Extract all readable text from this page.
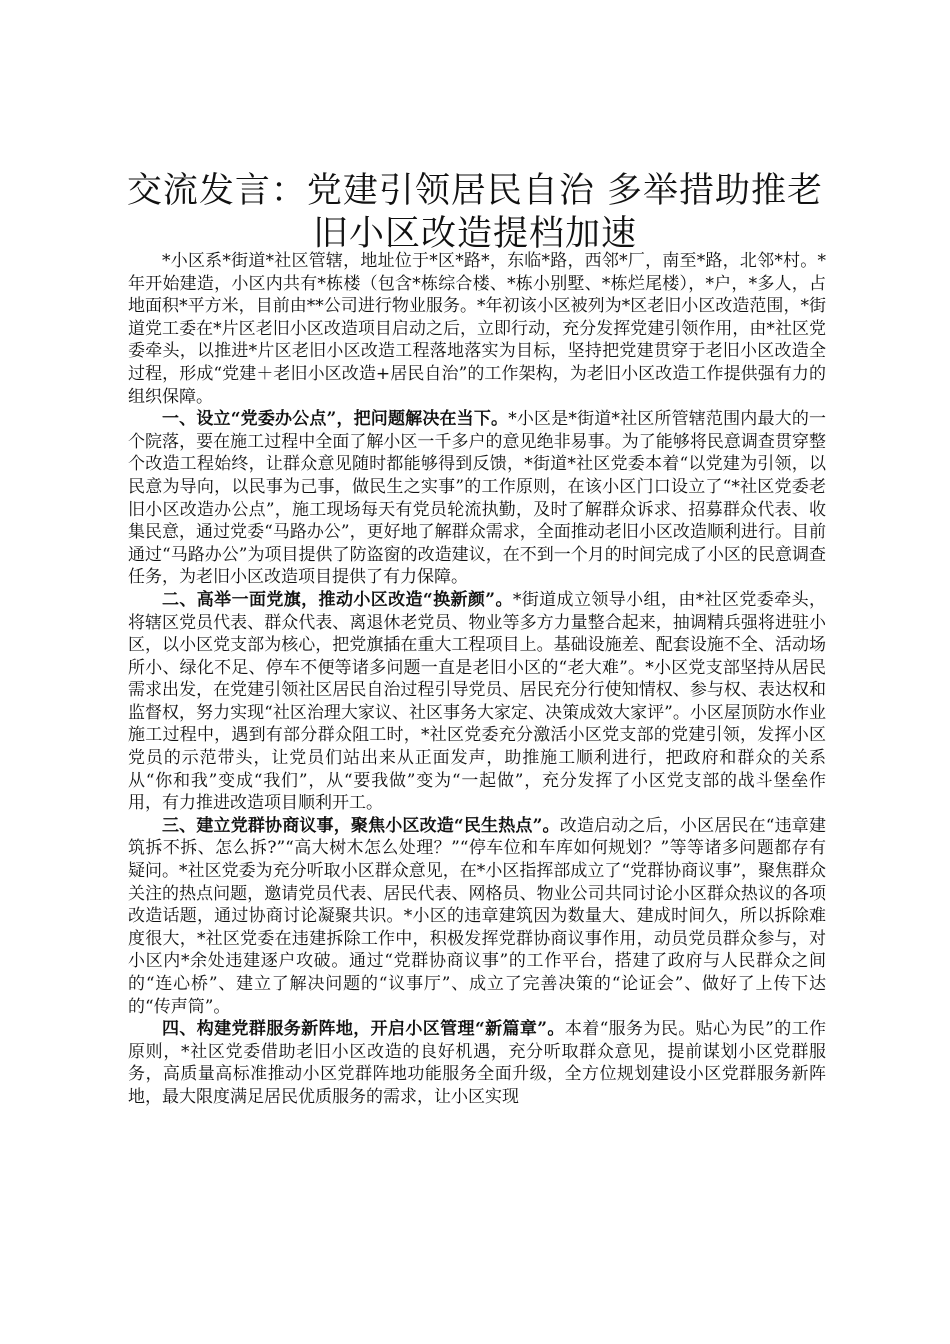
交流发言：党建引领居民自治 多举措助推老旧小区改造提档加速

*小区系*街道*社区管辖，地址位于*区*路*，东临*路，西邻*厂，南至*路，北邻*村。*年开始建造，小区内共有*栋楼（包含*栋综合楼、*栋小别墅、*栋烂尾楼），*户，*多人，占地面积*平方米，目前由**公司进行物业服务。*年初该小区被列为*区老旧小区改造范围，*街道党工委在*片区老旧小区改造项目启动之后，立即行动，充分发挥党建引领作用，由*社区党委牵头，以推进*片区老旧小区改造工程落地落实为目标，坚持把党建贯穿于老旧小区改造全过程，形成“党建＋老旧小区改造+居民自治”的工作架构，为老旧小区改造工作提供强有力的组织保障。

一、设立“党委办公点”，把问题解决在当下。*小区是*街道*社区所管辖范围内最大的一个院落，要在施工过程中全面了解小区一千多户的意见绝非易事。为了能够将民意调查贯穿整个改造工程始终，让群众意见随时都能够得到反馈，*街道*社区党委本着“以党建为引领，以民意为导向，以民事为己事，做民生之实事”的工作原则，在该小区门口设立了“*社区党委老旧小区改造办公点”，施工现场每天有党员轮流执勤，及时了解群众诉求、招募群众代表、收集民意，通过党委“马路办公”，更好地了解群众需求，全面推动老旧小区改造顺利进行。目前通过“马路办公”为项目提供了防盗窗的改造建议，在不到一个月的时间完成了小区的民意调查任务，为老旧小区改造项目提供了有力保障。

二、高举一面党旗，推动小区改造“换新颜”。*街道成立领导小组，由*社区党委牵头，将辖区党员代表、群众代表、离退休老党员、物业等多方力量整合起来，抽调精兵强将进驻小区，以小区党支部为核心，把党旗插在重大工程项目上。基础设施差、配套设施不全、活动场所小、绿化不足、停车不便等诸多问题一直是老旧小区的“老大难”。*小区党支部坚持从居民需求出发，在党建引领社区居民自治过程引导党员、居民充分行使知情权、参与权、表达权和监督权，努力实现“社区治理大家议、社区事务大家定、决策成效大家评”。小区屋顶防水作业施工过程中，遇到有部分群众阻工时，*社区党委充分激活小区党支部的党建引领，发挥小区党员的示范带头，让党员们站出来从正面发声，助推施工顺利进行，把政府和群众的关系从“你和我”变成“我们”，从“要我做”变为“一起做”，充分发挥了小区党支部的战斗堡垒作用，有力推进改造项目顺利开工。

三、建立党群协商议事，聚焦小区改造“民生热点”。改造启动之后，小区居民在“违章建筑拆不拆、怎么拆?”“高大树木怎么处理？”“停车位和车库如何规划？”等等诸多问题都存有疑问。*社区党委为充分听取小区群众意见，在*小区指挥部成立了“党群协商议事”，聚焦群众关注的热点问题，邀请党员代表、居民代表、网格员、物业公司共同讨论小区群众热议的各项改造话题，通过协商讨论凝聚共识。*小区的违章建筑因为数量大、建成时间久，所以拆除难度很大，*社区党委在违建拆除工作中，积极发挥党群协商议事作用，动员党员群众参与，对小区内*余处违建逐户攻破。通过“党群协商议事”的工作平台，搭建了政府与人民群众之间的“连心桥”、建立了解决问题的“议事厅”、成立了完善决策的“论证会”、做好了上传下达的“传声筒”。

四、构建党群服务新阵地，开启小区管理“新篇章”。本着“服务为民。贴心为民”的工作原则，*社区党委借助老旧小区改造的良好机遇，充分听取群众意见，提前谋划小区党群服务，高质量高标准推动小区党群阵地功能服务全面升级，全方位规划建设小区党群服务新阵地，最大限度满足居民优质服务的需求，让小区实现
